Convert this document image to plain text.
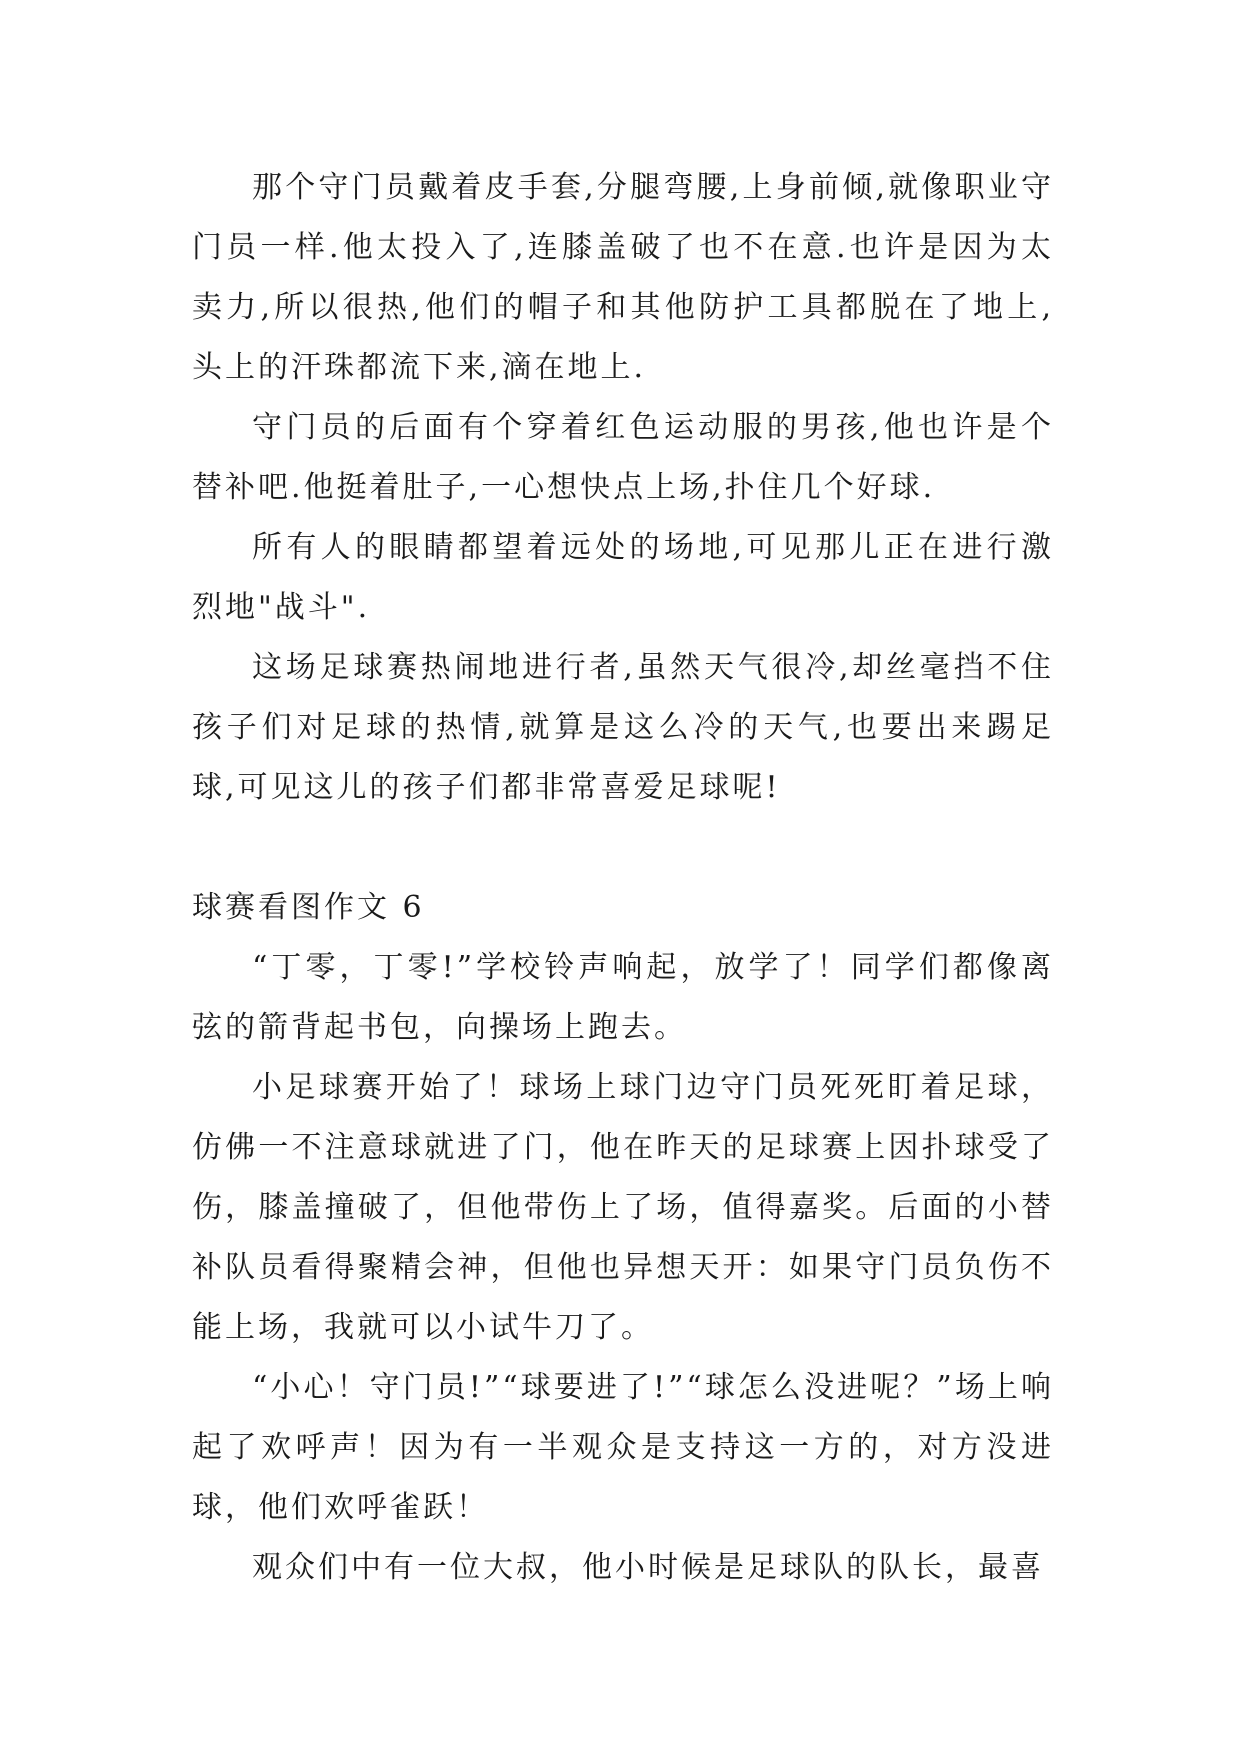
那个守门员戴着皮手套,分腿弯腰,上身前倾,就像职业守门员一样.他太投入了,连膝盖破了也不在意.也许是因为太卖力,所以很热,他们的帽子和其他防护工具都脱在了地上,头上的汗珠都流下来,滴在地上.

守门员的后面有个穿着红色运动服的男孩,他也许是个替补吧.他挺着肚子,一心想快点上场,扑住几个好球.

所有人的眼睛都望着远处的场地,可见那儿正在进行激烈地"战斗".

这场足球赛热闹地进行者,虽然天气很冷,却丝毫挡不住孩子们对足球的热情,就算是这么冷的天气,也要出来踢足球,可见这儿的孩子们都非常喜爱足球呢!

球赛看图作文 6

“丁零，丁零!”学校铃声响起，放学了！同学们都像离弦的箭背起书包，向操场上跑去。

小足球赛开始了！球场上球门边守门员死死盯着足球，仿佛一不注意球就进了门，他在昨天的足球赛上因扑球受了伤，膝盖撞破了，但他带伤上了场，值得嘉奖。后面的小替补队员看得聚精会神，但他也异想天开：如果守门员负伤不能上场，我就可以小试牛刀了。

“小心！守门员!”“球要进了!”“球怎么没进呢？”场上响起了欢呼声！因为有一半观众是支持这一方的，对方没进球，他们欢呼雀跃！

观众们中有一位大叔，他小时候是足球队的队长，最喜
